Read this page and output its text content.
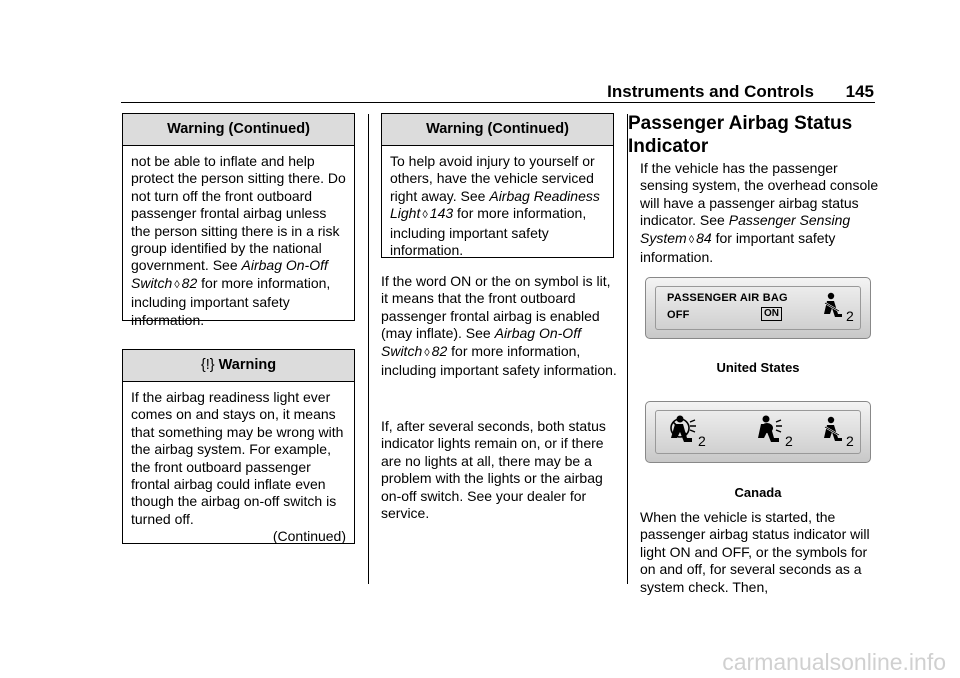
Instruments and Controls 145
Warning (Continued)
not be able to inflate and help protect the person sitting there. Do not turn off the front outboard passenger frontal airbag unless the person sitting there is in a risk group identified by the national government. See Airbag On-Off Switch ◊ 82 for more information, including important safety information.
{!} Warning
If the airbag readiness light ever comes on and stays on, it means that something may be wrong with the airbag system. For example, the front outboard passenger frontal airbag could inflate even though the airbag on-off switch is turned off.
(Continued)
Warning (Continued)
To help avoid injury to yourself or others, have the vehicle serviced right away. See Airbag Readiness Light ◊ 143 for more information, including important safety information.
If the word ON or the on symbol is lit, it means that the front outboard passenger frontal airbag is enabled (may inflate). See Airbag On-Off Switch ◊ 82 for more information, including important safety information.
If, after several seconds, both status indicator lights remain on, or if there are no lights at all, there may be a problem with the lights or the airbag on-off switch. See your dealer for service.
Passenger Airbag Status Indicator
If the vehicle has the passenger sensing system, the overhead console will have a passenger airbag status indicator. See Passenger Sensing System ◊ 84 for important safety information.
PASSENGER AIR BAG
OFF	ON	2
United States
2	2	2
Canada
When the vehicle is started, the passenger airbag status indicator will light ON and OFF, or the symbols for on and off, for several seconds as a system check. Then,
carmanualsonline.info
